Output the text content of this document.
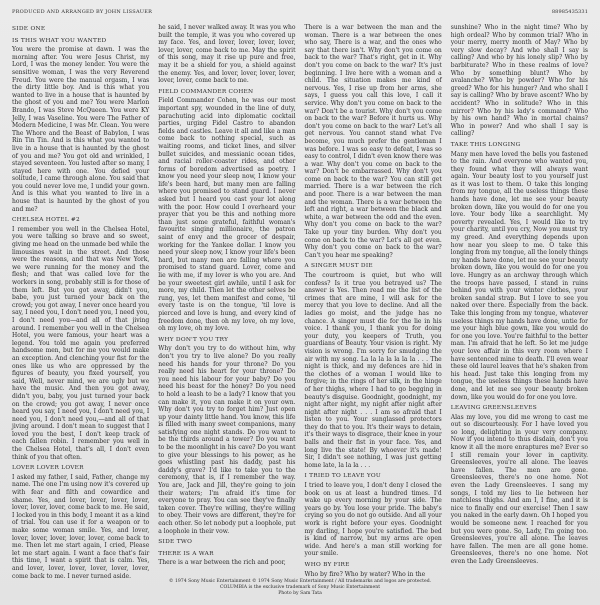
PRODUCED AND ARRANGED BY JOHN LISSAUER	88985435331
SIDE ONE
IS THIS WHAT YOU WANTED
You were the promise at dawn. I was the morning after. You were Jesus Christ, my Lord, I was the money lender. You were the sensitive woman, I was the very Reverend Freud. You were the manual orgasm, I was the dirty little boy. And is this what you wanted to live in a house that is haunted by the ghost of you and me? You were Marlon Brando, I was Steve McQueen. You were KY Jelly, I was Vaseline. You were The Father of Modern Medicine, I was Mr. Clean. You were The Whore and the Beast of Babylon, I was Rin Tin Tin. And is this what you wanted to live in a house that is haunted by the ghost of you and me? You got old and wrinkled, I stayed seventeen. You lusted after so many, I stayed here with one. You defied your solitude, I came through alone. You said that you could never love me, I undid your gown. And is this what you wanted to live in a house that is haunted by the ghost of you and me?
CHELSEA HOTEL #2
I remember you well in the Chelsea Hotel, you were talking so brave and so sweet, giving me head on the unmade bed while the limousines wait in the street. And those were the reasons, and that was New York, we were running for the money and the flesh; and that was called love for the workers in song, probably still is for those of them left. But you got away, didn't you, babe, you just turned your back on the crowd; you got away, I never once heard you say, I need you, I don't need you, I need you, I don't need you—and all of that jiving around. I remember you well in the Chelsea Hotel, you were famous, your heart was a legend. You told me again you preferred handsome men, but for me you would make an exception. And clenching your fist for the ones like us who are oppressed by the figures of beauty, you fixed yourself, you said, Well, never mind, we are ugly but we have the music. And then you got away, didn't you, baby, you just turned your back on the crowd; you got away, I never once heard you say, I need you, I don't need you, I need you, I don't need you,—and all of that jiving around. I don't mean to suggest that I loved you the best, I don't keep track of each fallen robin. I remember you well in the Chelsea Hotel, that's all, I don't even think of you that often.
LOVER LOVER LOVER
I asked my father, I said, Father, change my name. The one I'm using now it's covered up with fear and filth and cowardice and shame. Yes, and lover, lover, lover, lover, lover, lover, lover, come back to me. He said, I locked you in this body, I meant it as a kind of trial. You can use it for a weapon or to make some woman smile. Yes, and lover, lover, lover, lover, lover, lover, come back to me. Then let me start again, I cried, Please let me start again. I want a face that's fair this time, I want a spirit that is calm. Yes, and lover, lover, lover, lover, lover, lover, come back to me. I never turned aside.
he said, I never walked away. It was you who built the temple, it was you who covered up my face. Yes, and lover, lover, lover, lover, lover, lover, come back to me. May the spirit of this song, may it rise up pure and free, may it be a shield for you, a shield against the enemy. Yes, and lover, lover, lover, lover, lover, lover, come back to me.
FIELD COMMANDER COHEN
Field Commander Cohen, he was our most important spy, wounded in the line of duty, parachuting acid into diplomatic cocktail parties, urging Fidel Castro to abandon fields and castles. Leave it all and like a man come back to nothing special, such as waiting rooms, and ticket lines, and silver bullet suicides, and messianic ocean tides, and racial roller-coaster rides, and other forms of boredom advertised as poetry. I know you need your sleep now, I know your life's been hard, but many men are falling where you promised to stand guard. I never asked but I heard you cast your lot along with the poor. How could I overheard your prayer that you be this and nothing more than just some grateful, faithful woman's favourite singing millionaire, the patron saint of envy and the grocer of despair, working for the Yankee dollar. I know you need your sleep now, I know your life's been hard, but many men are falling where you promised to stand guard. Lover, come and lie with me, if my lover is who you are. And be your sweetest girl awhile, until I ask for more, my child. Then let the other selves be rung, yes, let them manifest and come, 'til every taste is on the tongue, 'til love is pierced and love is hung, and every kind of freedom done, then oh my love, oh my love, oh my love, oh my love.
WHY DON'T YOU TRY
Why don't you try to do without him, why don't you try to live alone? Do you really need his hands for your throne? Do you really need his heart for your throne? Do you need his labour for your baby? Do you need his beast for the honey? Do you need to hold a leash to be a lady? I know that you can make it, you can make it on your own. Why don't you try to forget him? Just open up your dainty little hand. You know, this life is filled with many sweet companions, many satisfying one night stands. Do you want to be the thirds around a tower? Do you want to be the moonlight in his cave? Do you want to give your blessings to his power, as he goes whistling past his daddy, past his daddy's grave? I'd like to take you to the ceremony, that is, if I remember the way. You are, Jack and Jill, they're going to join their waters; I'm afraid it's time for everyone to pray. You can see they've finally taken cover. They're willing, they're willing to obey. Their vows are different, they're for each other. So let nobody put a loophole, put a loophole in their vow.
SIDE TWO
THERE IS A WAR
There is a war between the rich and poor,
There is a war between the man and the woman. There is a war between the ones who say, There is a war, and the ones who say that there isn't. Why don't you come on back to the war? That's right, get in it. Why don't you come on back to the war? It's just beginning. I live here with a woman and a child. The situation makes me kind of nervous. Yes, I rise up from her arms, she says, I guess you call this love, I call it service. Why don't you come on back to the war? Don't be a tourist. Why don't you come on back to the war? Before it hurts us. Why don't you come on back to the war? Let's all get nervous. You cannot stand what I've become, you much prefer the gentleman I was before. I was so easy to defeat, I was so easy to control, I didn't even know there was a war. Why don't you come on back to the war? Don't be embarrassed. Why don't you come on back to the war? You can still get married. There is a war between the rich and poor. There is a war between the man and the woman. There is a war between the left and right, a war between the black and white, a war between the odd and the even. Why don't you come on back to the war? Take up your tiny burden. Why don't you come on back to the war? Let's all get even. Why don't you come on back to the war? Can't you hear me speaking?
A SINGER MUST DIE
The courtroom is quiet, but who will confess? Is it true you betrayed us? The answer is Yes. Then read me the list of the crimes that are mine, I will ask for the mercy that you love to decline. And all the ladies go moist, and the judge has no chance. A singer must die for the lie in his voice. I thank you, I thank you for doing your duty, you keepers of Truth, you guardians of Beauty. Your vision is right. My vision is wrong. I'm sorry for smudging the air with my song. La la la la la la la . . . The night is thick, and my defences are hid in the clothes of a woman I would like to forgive; in the rings of her silk, in the hinge of her thighs, where I had to go begging in beauty's disguise. Goodnight, goodnight, my night after night, my night after night after night after night . . . I am so afraid that I listen to you. Your sunglassed protectors they do that to you. It's their ways to detain, it's their ways to disgrace, their knee in your balls and their fist in your face. Yes, and long live the state! By whoever it's made! Sir, I didn't see nothing, I was just getting home late, la la la . . .
I TRIED TO LEAVE YOU
I tried to leave you, I don't deny I closed the book on us at least a hundred times. I'd wake up every morning by your side. The years go by. You lose your pride. The baby's crying so you do not go outside. And all your work is right before your eyes. Goodnight my darling, I hope you're satisfied. The bed is kind of narrow, but my arms are open wide. And here's a man still working for your smile.
WHO BY FIRE
Who by fire? Who by water? Who in the
sunshine? Who in the night time? Who by high ordeal? Who by common trial? Who in your merry, merry month of May? Who by very slow decay? And who shall I say is calling? And who by his lonely slip? Who by barbiturate? Who in these realms of love? Who by something blunt? Who by avalanche? Who by powder? Who for his greed? Who for his hunger? And who shall I say is calling? Who by brave ascent? Who by accident? Who in solitude? Who in this mirror? Who by his lady's command? Who by his own hand? Who in mortal chains? Who in power? And who shall I say is calling?
TAKE THIS LONGING
Many men have loved the bells you fastened to the rain. And everyone who wanted you, they found what they will always want again. Your beauty lost to you yourself just as it was lost to them. O take this longing from my tongue, all the useless things these hands have done, let me see your beauty broken down, like you would do for one you love. Your body like a searchlight. My poverty revealed. Yes, I would like to try your charity, until you cry, Now you must try my greed. And everything depends upon how near you sleep to me. O take this longing from my tongue, all the lonely things my hands have done, let me see your beauty broken down, like you would do for one you love. Hungry as an archway through which the troops have passed, I stand in ruins behind you with your winter clothes, your broken sandal strap. But I love to see you naked over there. Especially from the back. Take this longing from my tongue, whatever useless things my hands have done, untie for me your high blue gown, like you would do for one you love. You're faithful to the better man. I'm afraid that he left. So let me judge your love affair in this very room where I have sentenced mine to death. I'll even wear these old laurel leaves that he's shaken from his head. Just take this longing from my tongue, the useless things these hands have done, and let me see your beauty broken down, like you would do for one you love.
LEAVING GREENSLEEVES
Alas my love, you did me wrong to cast me out so discourteously. For I have loved you so long, delighting in your very company. Now if you intend to thus disdain, don't you know it all the more enraptures me? Ever so I still remain your lover in captivity. Greensleeves, you're all alone. The leaves have fallen. The men are gone. Greensleeves, there's no one home. Not even the Lady Greensleeves. I sang my songs, I told my lies to lie between her matchless thighs. And am I, I fine, and it is nice to finally end our exercise! Then I saw you naked in the early dawn. Oh I hoped you would be someone new. I reached for you but you were gone. So, Lady, I'm going too. Greensleeves, you're all alone. The leaves have fallen. The men are all gone home. Greensleeves, there's no one home. Not even the Lady Greensleeves.
© 1974 Sony Music Entertainment © 1974 Sony Music Entertainment / All trademarks and logos are protected.
COLUMBIA is the exclusive trademark of Sony Music Entertainment
Photo by Sam Tata
